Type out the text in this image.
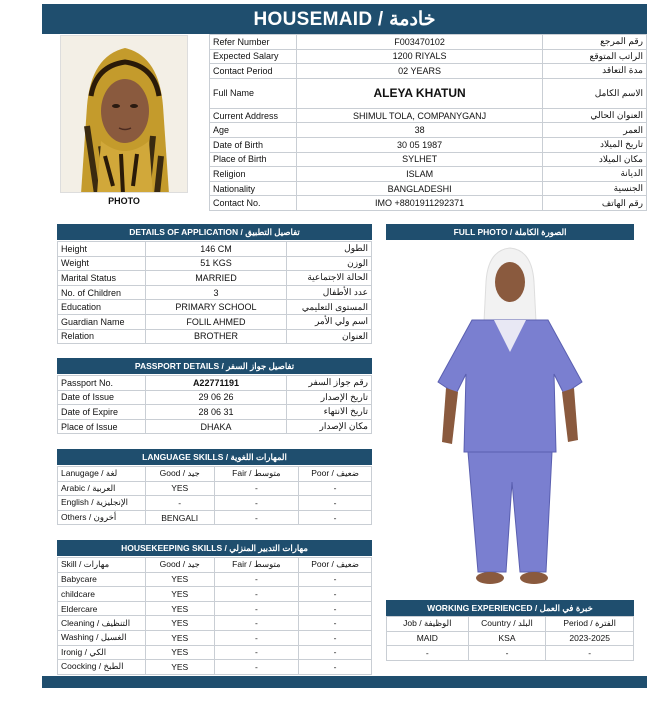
HOUSEMAID / خادمة
PHOTO
Refer Number	F003470102	رقم المرجع
Expected Salary	1200 RIYALS	الراتب المتوقع
Contact Period	02 YEARS	مدة التعاقد
Full Name	ALEYA KHATUN	الاسم الكامل
Current Address	SHIMUL TOLA, COMPANYGANJ	العنوان الحالي
Age	38	العمر
Date of Birth	30 05 1987	تاريخ الميلاد
Place of Birth	SYLHET	مكان الميلاد
Religion	ISLAM	الديانة
Nationality	BANGLADESHI	الجنسية
Contact No.	IMO +8801911292371	رقم الهاتف
DETAILS OF APPLICATION / تفاصيل التطبيق
Height	146 CM	الطول
Weight	51 KGS	الوزن
Marital Status	MARRIED	الحالة الاجتماعية
No. of Children	3	عدد الأطفال
Education	PRIMARY SCHOOL	المستوى التعليمي
Guardian Name	FOLIL AHMED	اسم ولي الأمر
Relation	BROTHER	العنوان
PASSPORT DETAILS / تفاصيل جواز السفر
Passport No.	A22771191	رقم جواز السفر
Date of Issue	29 06 26	تاريخ الإصدار
Date of Expire	28 06 31	تاريخ الانتهاء
Place of Issue	DHAKA	مكان الإصدار
LANGUAGE SKILLS / المهارات اللغوية
Lanugage / لغة	Good / جيد	Fair / متوسط	Poor / ضعيف
Arabic / العربية	YES	-	-
English / الإنجليزية	-	-	-
Others / أخرون	BENGALI	-	-
HOUSEKEEPING SKILLS / مهارات التدبير المنزلي
Skill / مهارات	Good / جيد	Fair / متوسط	Poor / ضعيف
Babycare	YES	-	-
childcare	YES	-	-
Eldercare	YES	-	-
Cleaning / التنظيف	YES	-	-
Washing / الغسيل	YES	-	-
Ironig / الكي	YES	-	-
Coocking / الطبخ	YES	-	-
FULL PHOTO / الصورة الكاملة
WORKING EXPERIENCED / خبرة في العمل
Job / الوظيفة	Country / البلد	Period / الفترة
MAID	KSA	2023-2025
-	-	-
